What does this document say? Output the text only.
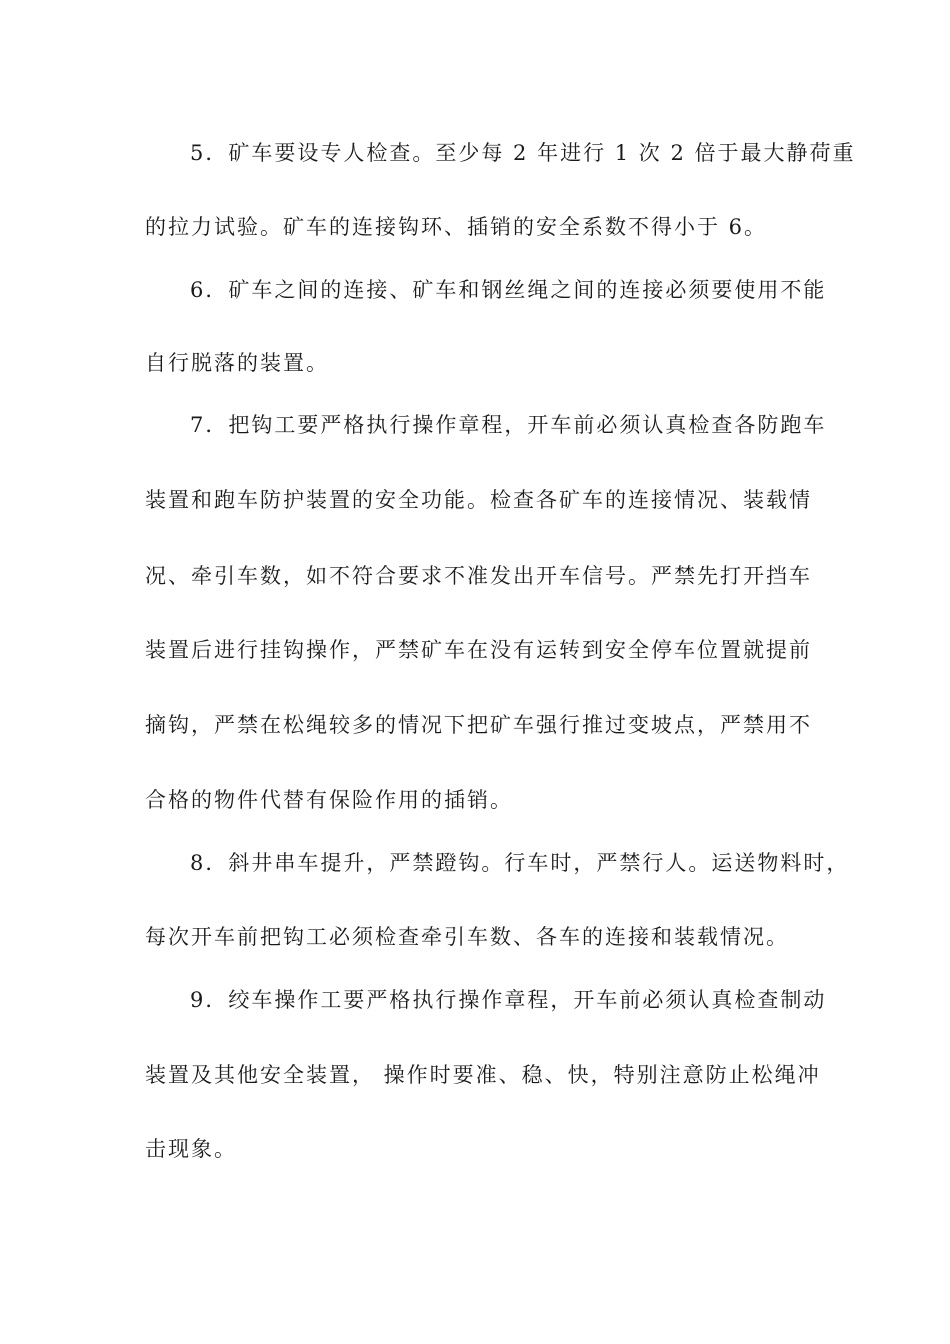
5．矿车要设专人检查。至少每 2 年进行 1 次 2 倍于最大静荷重
的拉力试验。矿车的连接钩环、插销的安全系数不得小于 6。
6．矿车之间的连接、矿车和钢丝绳之间的连接必须要使用不能
自行脱落的装置。
7．把钩工要严格执行操作章程，开车前必须认真检查各防跑车
装置和跑车防护装置的安全功能。检查各矿车的连接情况、装载情
况、牵引车数，如不符合要求不准发出开车信号。严禁先打开挡车
装置后进行挂钩操作，严禁矿车在没有运转到安全停车位置就提前
摘钩，严禁在松绳较多的情况下把矿车强行推过变坡点，严禁用不
合格的物件代替有保险作用的插销。
8．斜井串车提升，严禁蹬钩。行车时，严禁行人。运送物料时，
每次开车前把钩工必须检查牵引车数、各车的连接和装载情况。
9．绞车操作工要严格执行操作章程，开车前必须认真检查制动
装置及其他安全装置， 操作时要准、稳、快，特别注意防止松绳冲
击现象。
